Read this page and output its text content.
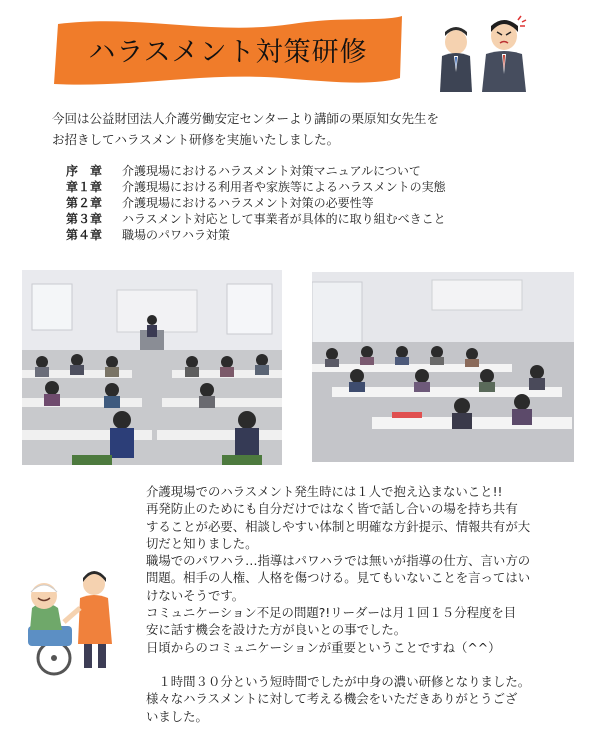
ハラスメント対策研修
今回は公益財団法人介護労働安定センターより講師の栗原知女先生を
お招きしてハラスメント研修を実施いたしました。
序　章	介護現場におけるハラスメント対策マニュアルについて
章１章	介護現場における利用者や家族等によるハラスメントの実態
第２章	介護現場におけるハラスメント対策の必要性等
第３章	ハラスメント対応として事業者が具体的に取り組むべきこと
第４章	職場のパワハラ対策

介護現場でのハラスメント発生時には１人で抱え込まないこと!!

再発防止のためにも自分だけではなく皆で話し合いの場を持ち共有

することが必要、相談しやすい体制と明確な方針提示、情報共有が大

切だと知りました。

職場でのパワハラ…指導はパワハラでは無いが指導の仕方、言い方の

問題。相手の人権、人格を傷つける。見てもいないことを言ってはい

けないそうです。

コミュニケーション不足の問題?!リーダーは月１回１５分程度を目

安に話す機会を設けた方が良いとの事でした。

日頃からのコミュニケーションが重要ということですね（^^）

　１時間３０分という短時間でしたが中身の濃い研修となりました。

様々なハラスメントに対して考える機会をいただきありがとうござ

いました。
